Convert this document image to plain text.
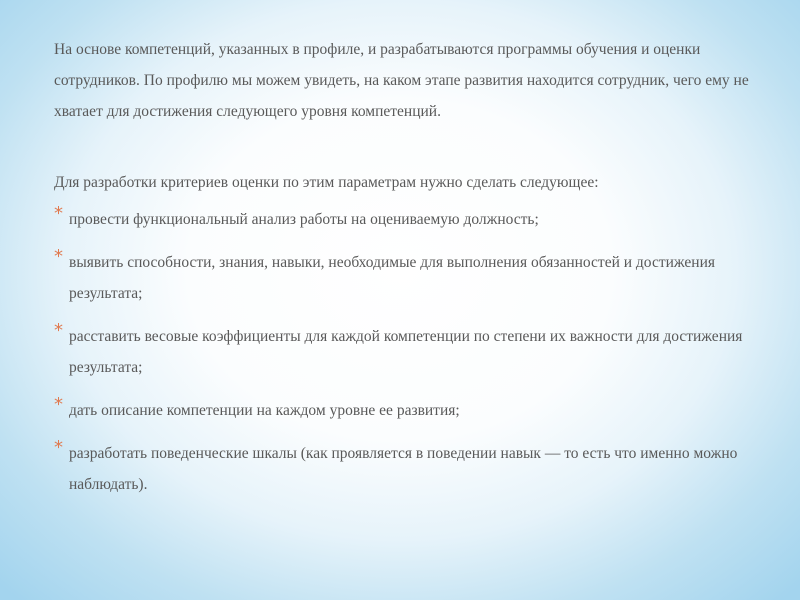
На основе компетенций, указанных в профиле, и разрабатываются программы обучения и оценки сотрудников. По профилю мы можем увидеть, на каком этапе развития находится сотрудник, чего ему не хватает для достижения следующего уровня компетенций.

Для разработки критериев оценки по этим параметрам нужно сделать следующее:

* провести функциональный анализ работы на оцениваемую должность;
* выявить способности, знания, навыки, необходимые для выполнения обязанностей и достижения результата;
* расставить весовые коэффициенты для каждой компетенции по степени их важности для достижения результата;
* дать описание компетенции на каждом уровне ее развития;
* разработать поведенческие шкалы (как проявляется в поведении навык — то есть что именно можно наблюдать).
